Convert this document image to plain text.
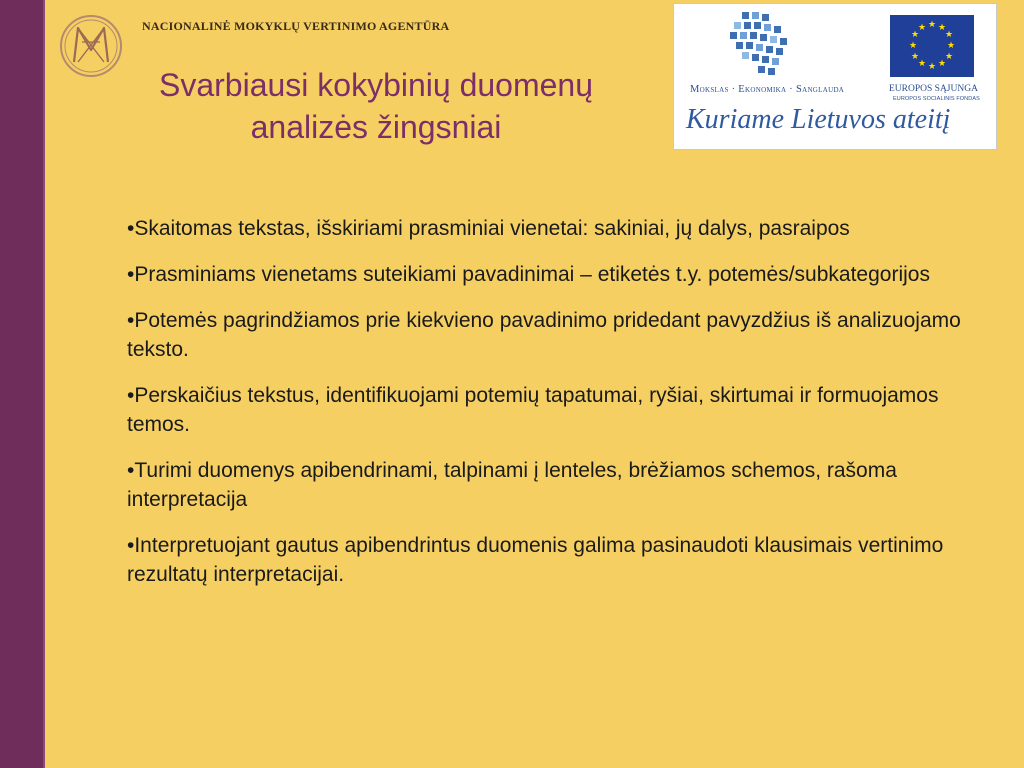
NACIONALINĖ MOKYKLŲ VERTINIMO AGENTŪRA
Svarbiausi kokybinių duomenų
analizės žingsniai
Mokslas · Ekonomika · Sanglauda
★ ★
★
★
★
★
★
★
★
★
★
★
EUROPOS SĄJUNGA
EUROPOS SOCIALINIS FONDAS
Kuriame Lietuvos ateitį
•Skaitomas tekstas, išskiriami prasminiai vienetai: sakiniai, jų dalys, pasraipos
•Prasminiams vienetams suteikiami pavadinimai – etiketės t.y. potemės/subkategorijos
•Potemės pagrindžiamos prie kiekvieno pavadinimo pridedant pavyzdžius iš analizuojamo teksto.
•Perskaičius tekstus, identifikuojami potemių tapatumai, ryšiai, skirtumai ir formuojamos temos.
•Turimi duomenys apibendrinami, talpinami į lenteles, brėžiamos schemos, rašoma interpretacija
•Interpretuojant gautus apibendrintus duomenis galima pasinaudoti klausimais vertinimo rezultatų interpretacijai.
